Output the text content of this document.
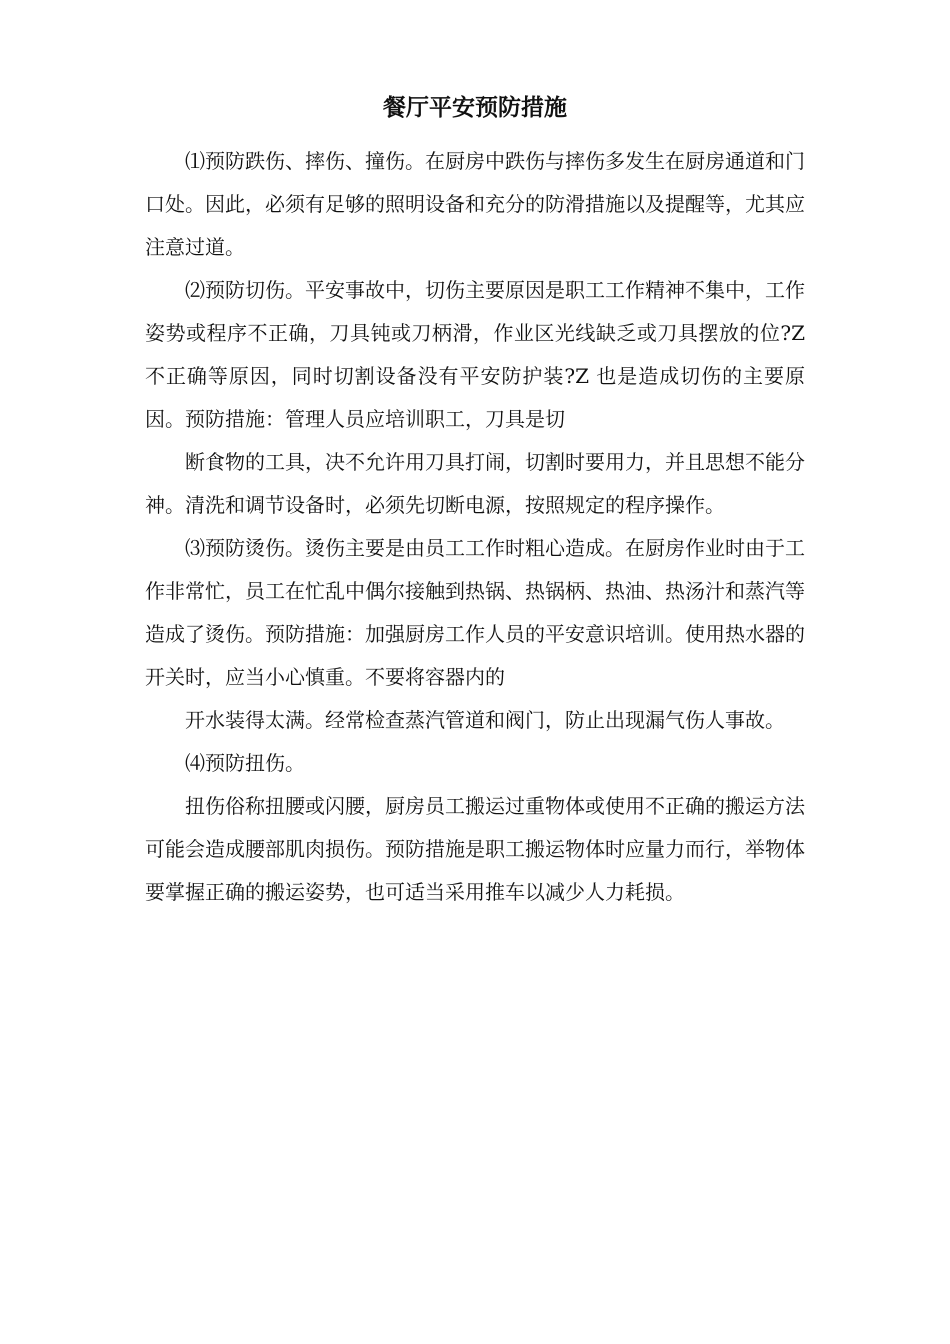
餐厅平安预防措施

⑴预防跌伤、摔伤、撞伤。在厨房中跌伤与摔伤多发生在厨房通道和门口处。因此，必须有足够的照明设备和充分的防滑措施以及提醒等，尤其应注意过道。

⑵预防切伤。平安事故中，切伤主要原因是职工工作精神不集中，工作姿势或程序不正确，刀具钝或刀柄滑，作业区光线缺乏或刀具摆放的位?Z 不正确等原因，同时切割设备没有平安防护装?Z 也是造成切伤的主要原因。预防措施：管理人员应培训职工，刀具是切

断食物的工具，决不允许用刀具打闹，切割时要用力，并且思想不能分神。清洗和调节设备时，必须先切断电源，按照规定的程序操作。

⑶预防烫伤。烫伤主要是由员工工作时粗心造成。在厨房作业时由于工作非常忙，员工在忙乱中偶尔接触到热锅、热锅柄、热油、热汤汁和蒸汽等造成了烫伤。预防措施：加强厨房工作人员的平安意识培训。使用热水器的开关时，应当小心慎重。不要将容器内的

开水装得太满。经常检查蒸汽管道和阀门，防止出现漏气伤人事故。

⑷预防扭伤。

扭伤俗称扭腰或闪腰，厨房员工搬运过重物体或使用不正确的搬运方法可能会造成腰部肌肉损伤。预防措施是职工搬运物体时应量力而行，举物体要掌握正确的搬运姿势，也可适当采用推车以减少人力耗损。
